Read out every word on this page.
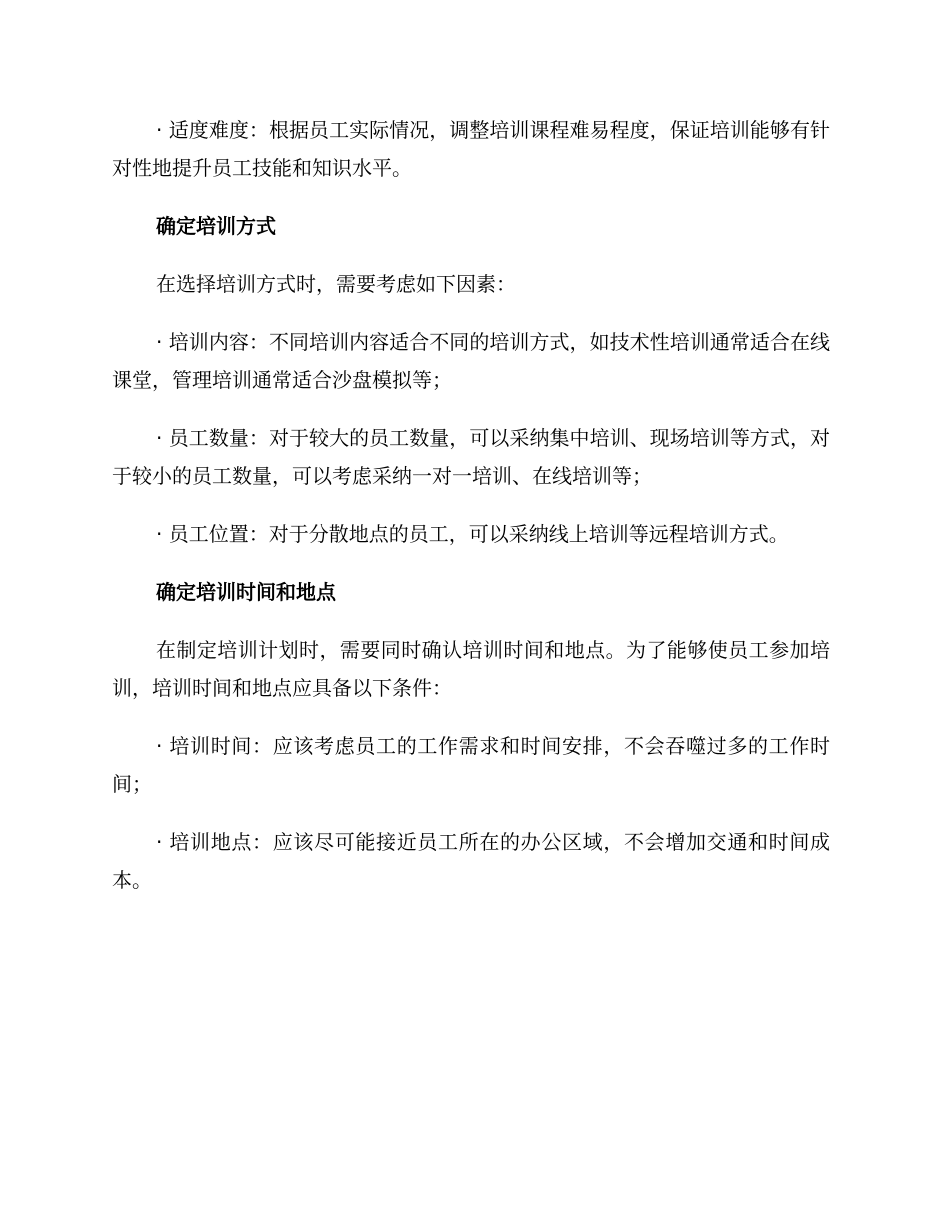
· 适度难度：根据员工实际情况，调整培训课程难易程度，保证培训能够有针对性地提升员工技能和知识水平。

确定培训方式

在选择培训方式时，需要考虑如下因素：

· 培训内容：不同培训内容适合不同的培训方式，如技术性培训通常适合在线课堂，管理培训通常适合沙盘模拟等；

· 员工数量：对于较大的员工数量，可以采纳集中培训、现场培训等方式，对于较小的员工数量，可以考虑采纳一对一培训、在线培训等；

· 员工位置：对于分散地点的员工，可以采纳线上培训等远程培训方式。

确定培训时间和地点

在制定培训计划时，需要同时确认培训时间和地点。为了能够使员工参加培训，培训时间和地点应具备以下条件：

· 培训时间：应该考虑员工的工作需求和时间安排，不会吞噬过多的工作时间；

· 培训地点：应该尽可能接近员工所在的办公区域，不会增加交通和时间成本。
